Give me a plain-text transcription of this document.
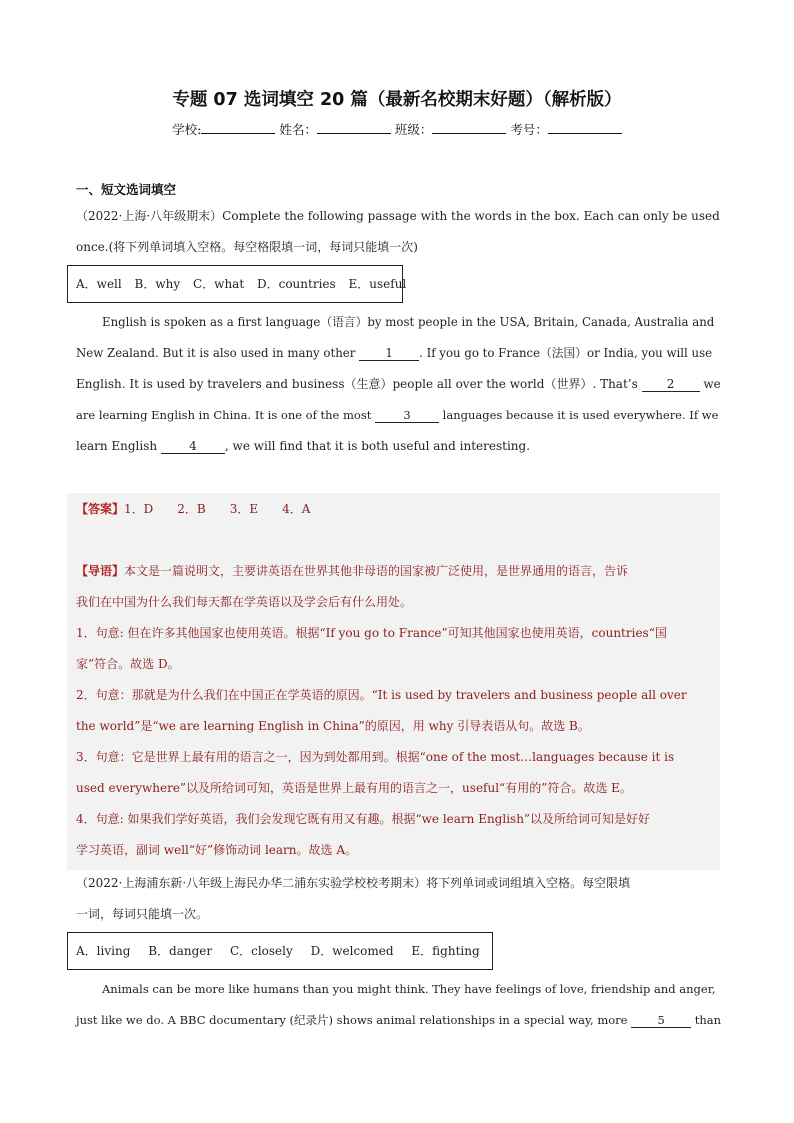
专题 07 选词填空 20 篇（最新名校期末好题）（解析版）
学校:	姓名：	班级：	考号：
一、短文选词填空
（2022·上海·八年级期末）Complete the following passage with the words in the box. Each can only be used
once.(将下列单词填入空格。每空格限填一词，每词只能填一次)
A．well B．why C．what D．countries E．useful
English is spoken as a first language（语言）by most people in the USA, Britain, Canada, Australia and
New Zealand. But it is also used in many other 1 . If you go to France（法国）or India, you will use
English. It is used by travelers and business（生意）people all over the world（世界）. That’s 2 we
are learning English in China. It is one of the most 3 languages because it is used everywhere. If we
learn English 4 , we will find that it is both useful and interesting.
【答案】1．D 2．B 3．E 4．A
【导语】本文是一篇说明文，主要讲英语在世界其他非母语的国家被广泛使用，是世界通用的语言，告诉
我们在中国为什么我们每天都在学英语以及学会后有什么用处。
1．句意: 但在许多其他国家也使用英语。根据“If you go to France”可知其他国家也使用英语，countries“国
家”符合。故选 D。
2．句意：那就是为什么我们在中国正在学英语的原因。“It is used by travelers and business people all over
the world”是“we are learning English in China”的原因，用 why 引导表语从句。故选 B。
3．句意：它是世界上最有用的语言之一，因为到处都用到。根据“one of the most…languages because it is
used everywhere”以及所给词可知，英语是世界上最有用的语言之一，useful“有用的”符合。故选 E。
4．句意: 如果我们学好英语，我们会发现它既有用又有趣。根据“we learn English”以及所给词可知是好好
学习英语，副词 well“好”修饰动词 learn。故选 A。
（2022·上海浦东新·八年级上海民办华二浦东实验学校校考期末）将下列单词或词组填入空格。每空限填
一词，每词只能填一次。
A．living B．danger C．closely D．welcomed E．fighting
Animals can be more like humans than you might think. They have feelings of love, friendship and anger,
just like we do. A BBC documentary (纪录片) shows animal relationships in a special way, more 5 than
